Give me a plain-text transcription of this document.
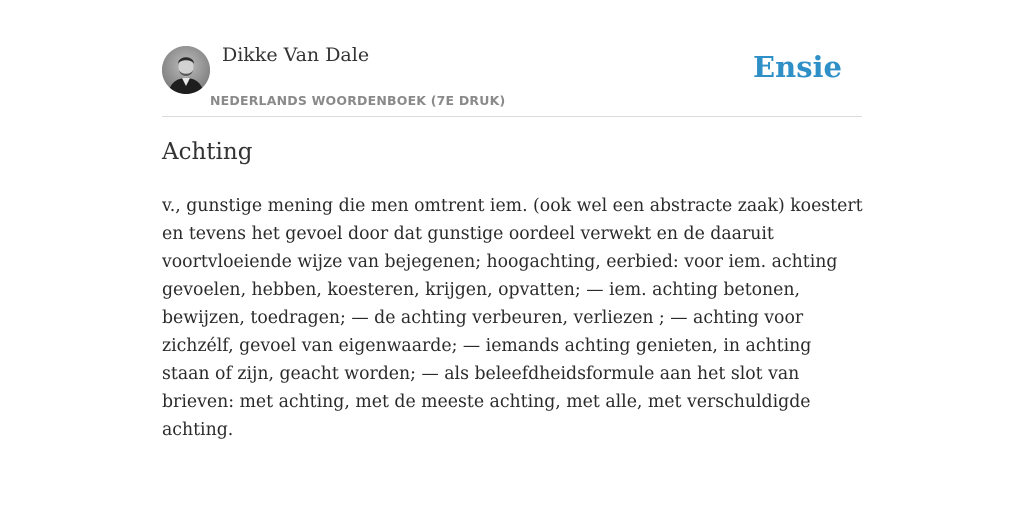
Dikke Van Dale
NEDERLANDS WOORDENBOEK (7E DRUK)
Ensie
Achting

v., gunstige mening die men omtrent iem. (ook wel een abstracte zaak) koestert en tevens het gevoel door dat gunstige oordeel verwekt en de daaruit voortvloeiende wijze van bejegenen; hoogachting, eerbied: voor iem. achting gevoelen, hebben, koesteren, krijgen, opvatten; — iem. achting betonen, bewijzen, toedragen; — de achting verbeuren, verliezen ; — achting voor zichzélf, gevoel van eigenwaarde; — iemands achting genieten, in achting staan of zijn, geacht worden; — als beleefdheidsformule aan het slot van brieven: met achting, met de meeste achting, met alle, met verschuldigde achting.
